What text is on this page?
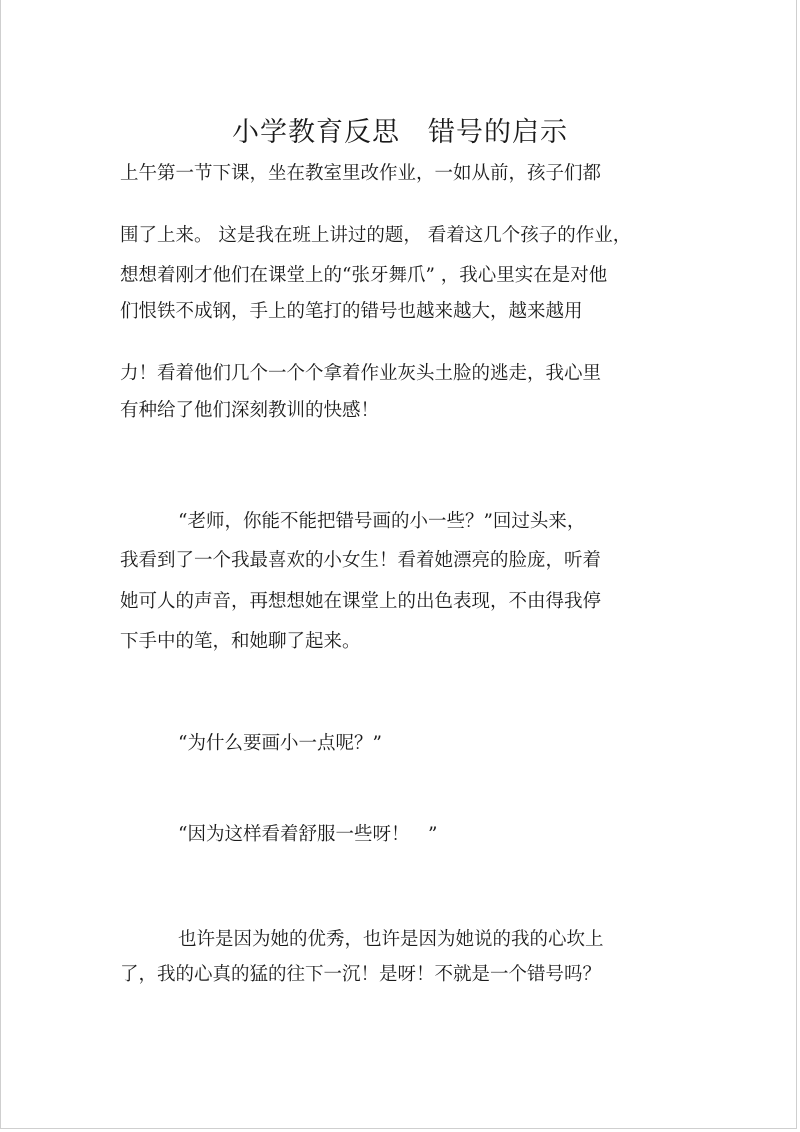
小学教育反思　错号的启示
上午第一节下课，坐在教室里改作业，一如从前，孩子们都
围了上来。 这是我在班上讲过的题， 看着这几个孩子的作业，
想想着刚才他们在课堂上的“张牙舞爪” ，我心里实在是对他
们恨铁不成钢，手上的笔打的错号也越来越大，越来越用
力！看着他们几个一个个拿着作业灰头土脸的逃走，我心里
有种给了他们深刻教训的快感！
“老师，你能不能把错号画的小一些？”回过头来，
我看到了一个我最喜欢的小女生！看着她漂亮的脸庞，听着
她可人的声音，再想想她在课堂上的出色表现，不由得我停
下手中的笔，和她聊了起来。
“为什么要画小一点呢？”
“因为这样看着舒服一些呀！　”
也许是因为她的优秀，也许是因为她说的我的心坎上
了，我的心真的猛的往下一沉！是呀！不就是一个错号吗？
